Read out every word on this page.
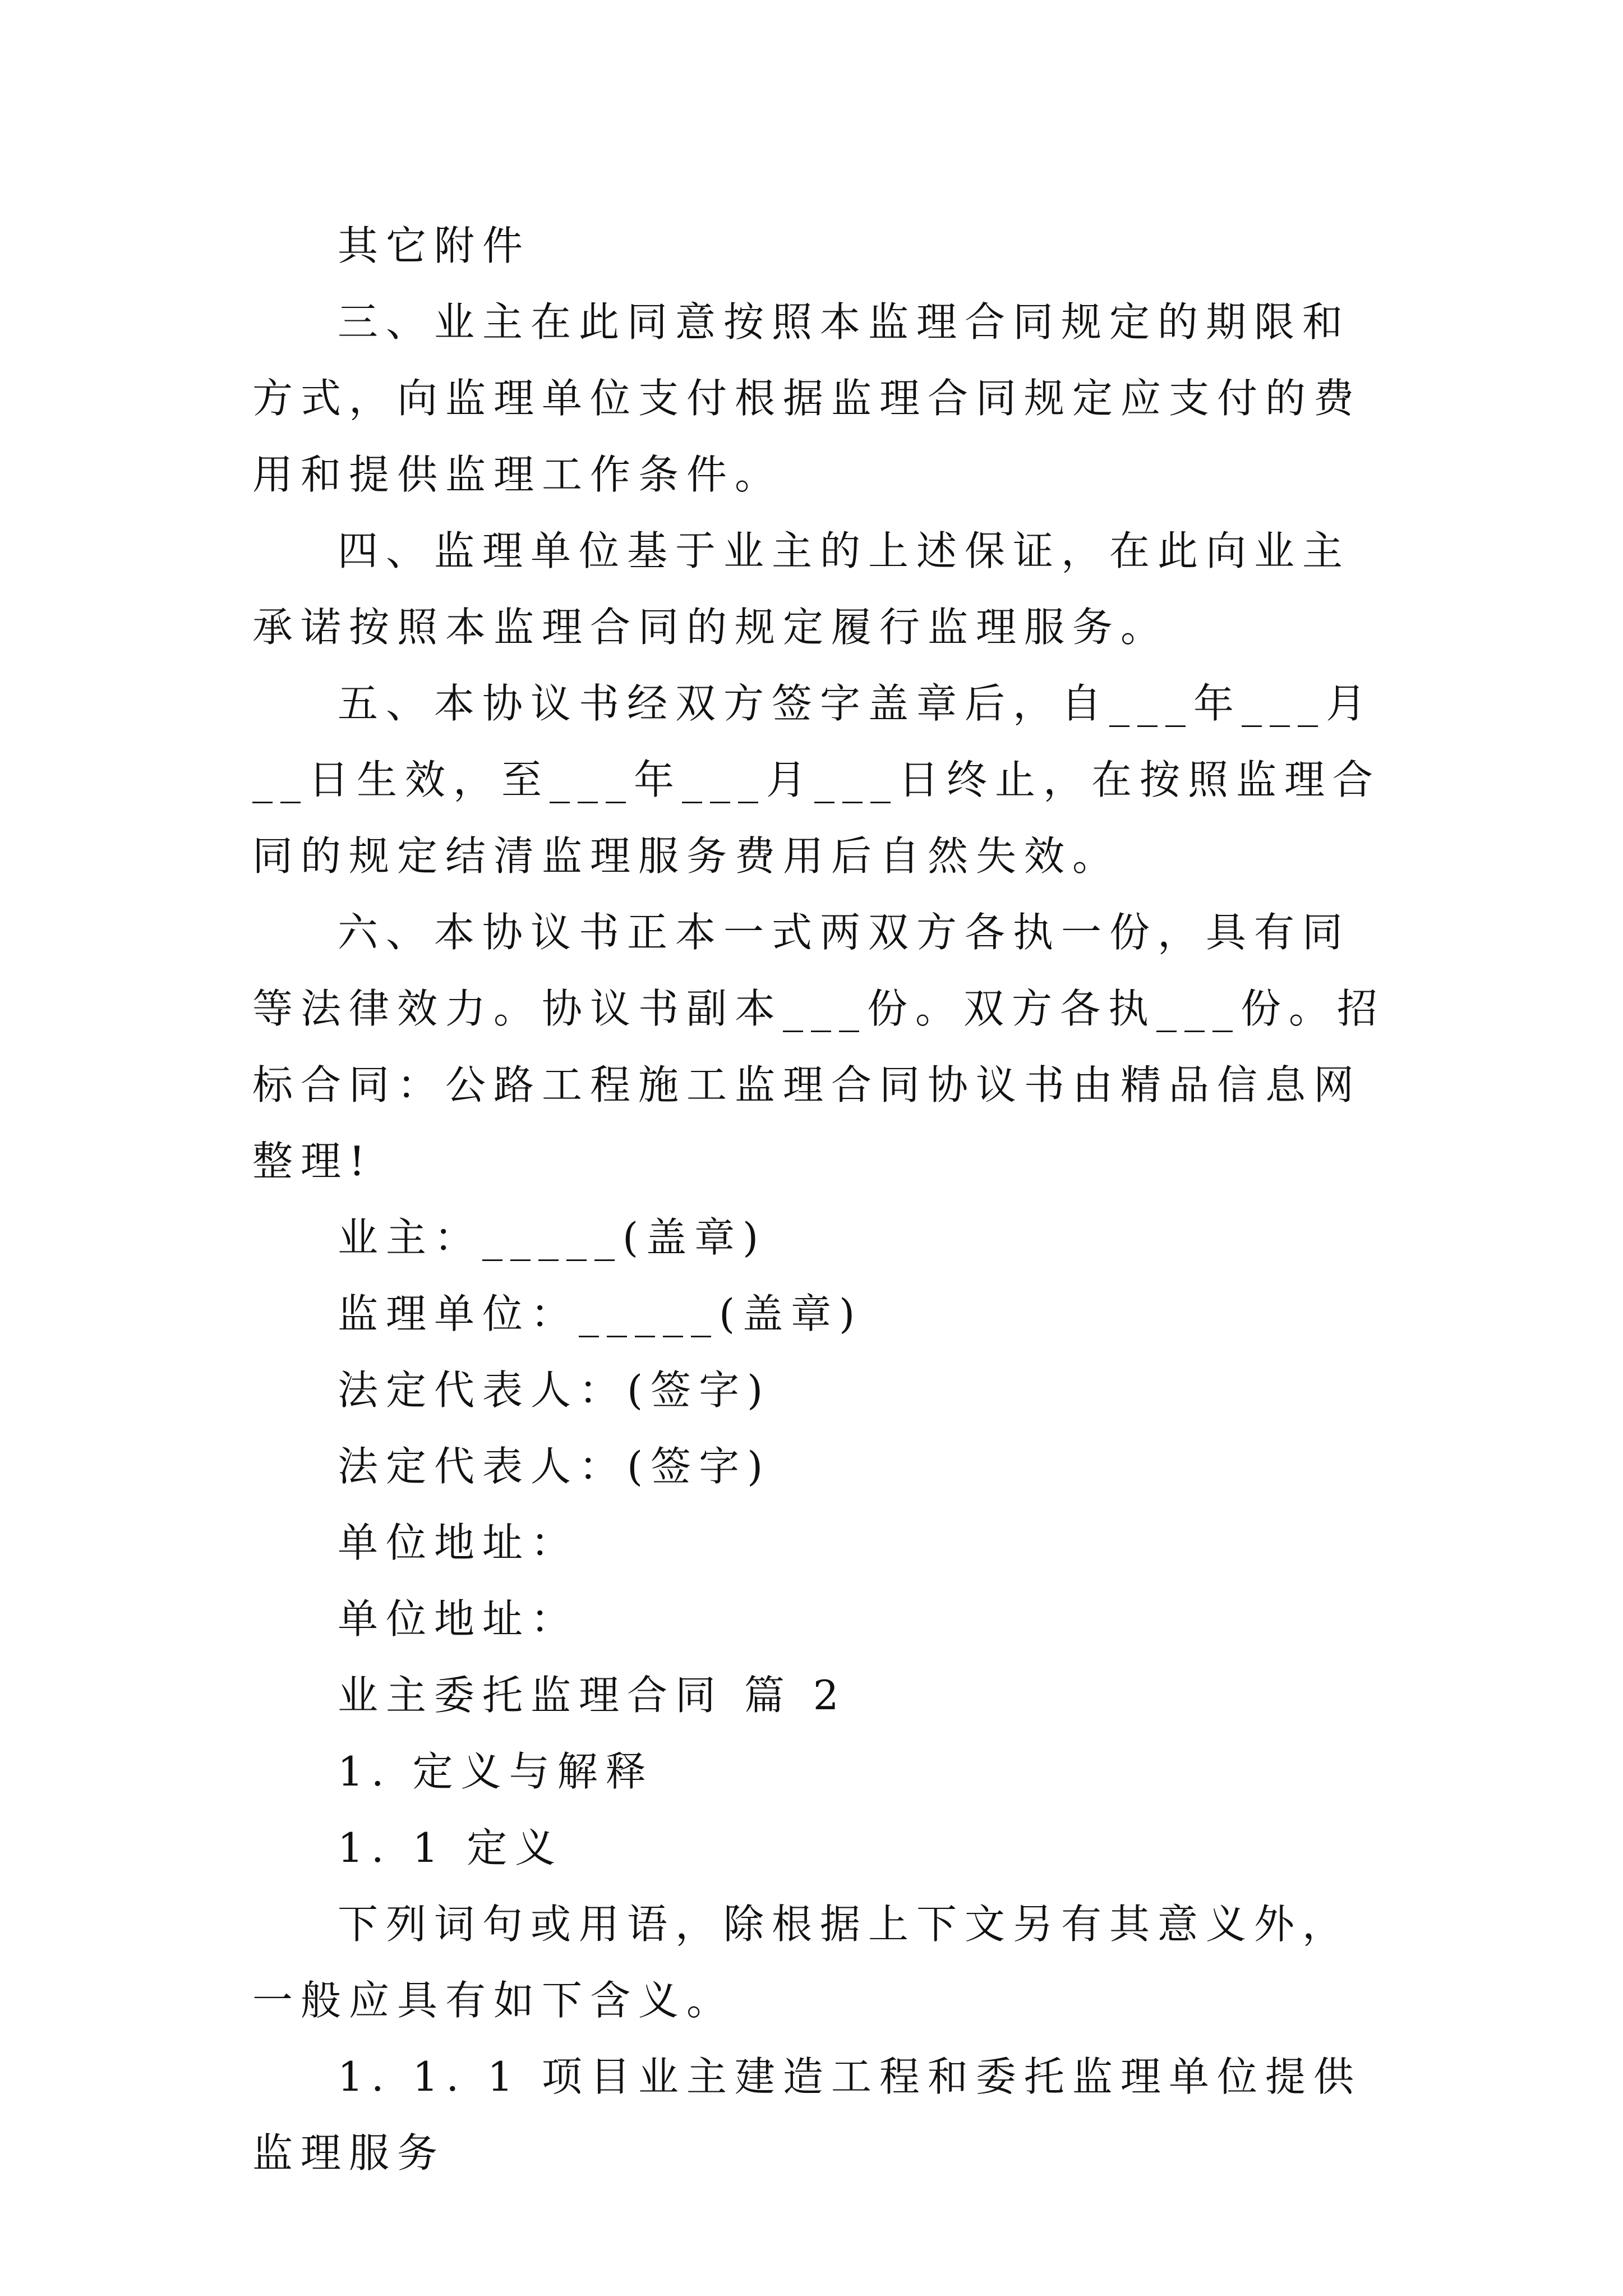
其它附件

三、业主在此同意按照本监理合同规定的期限和方式，向监理单位支付根据监理合同规定应支付的费用和提供监理工作条件。

四、监理单位基于业主的上述保证，在此向业主承诺按照本监理合同的规定履行监理服务。

五、本协议书经双方签字盖章后，自___年___月__日生效，至___年___月___日终止，在按照监理合同的规定结清监理服务费用后自然失效。

六、本协议书正本一式两双方各执一份，具有同等法律效力。协议书副本___份。双方各执___份。招标合同：公路工程施工监理合同协议书由精品信息网整理!

业主：_____(盖章)

监理单位：_____(盖章)

法定代表人：(签字)

法定代表人：(签字)

单位地址：

单位地址：

业主委托监理合同 篇 2

1. 定义与解释

1. 1 定义

下列词句或用语，除根据上下文另有其意义外，一般应具有如下含义。

1. 1. 1 项目业主建造工程和委托监理单位提供监理服务
